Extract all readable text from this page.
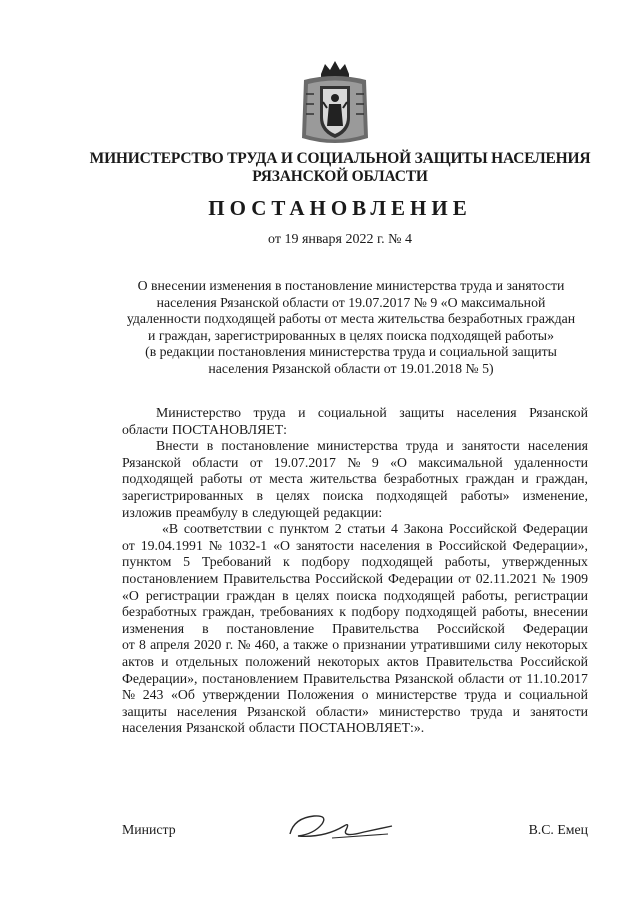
МИНИСТЕРСТВО ТРУДА И СОЦИАЛЬНОЙ ЗАЩИТЫ НАСЕЛЕНИЯ
РЯЗАНСКОЙ ОБЛАСТИ
ПОСТАНОВЛЕНИЕ
от 19 января 2022 г. № 4
О внесении изменения в постановление министерства труда и занятости
населения Рязанской области от 19.07.2017 № 9 «О максимальной
удаленности подходящей работы от места жительства безработных граждан
и граждан, зарегистрированных в целях поиска подходящей работы»
(в редакции постановления министерства труда и социальной защиты
населения Рязанской области от 19.01.2018 № 5)
Министерство труда и социальной защиты населения Рязанской
области ПОСТАНОВЛЯЕТ:
Внести в постановление министерства труда и занятости населения
Рязанской области от 19.07.2017 № 9 «О максимальной удаленности
подходящей работы от места жительства безработных граждан и граждан,
зарегистрированных в целях поиска подходящей работы» изменение,
изложив преамбулу в следующей редакции:
«В соответствии с пунктом 2 статьи 4 Закона Российской Федерации
от 19.04.1991 № 1032-1 «О занятости населения в Российской Федерации»,
пунктом 5 Требований к подбору подходящей работы, утвержденных
постановлением Правительства Российской Федерации от 02.11.2021 № 1909
«О регистрации граждан в целях поиска подходящей работы, регистрации
безработных граждан, требованиях к подбору подходящей работы, внесении
изменения в постановление Правительства Российской Федерации
от 8 апреля 2020 г. № 460, а также о признании утратившими силу некоторых
актов и отдельных положений некоторых актов Правительства Российской
Федерации», постановлением Правительства Рязанской области от 11.10.2017
№ 243 «Об утверждении Положения о министерстве труда и социальной
защиты населения Рязанской области» министерство труда и занятости
населения Рязанской области ПОСТАНОВЛЯЕТ:».
Министр	В.С. Емец
